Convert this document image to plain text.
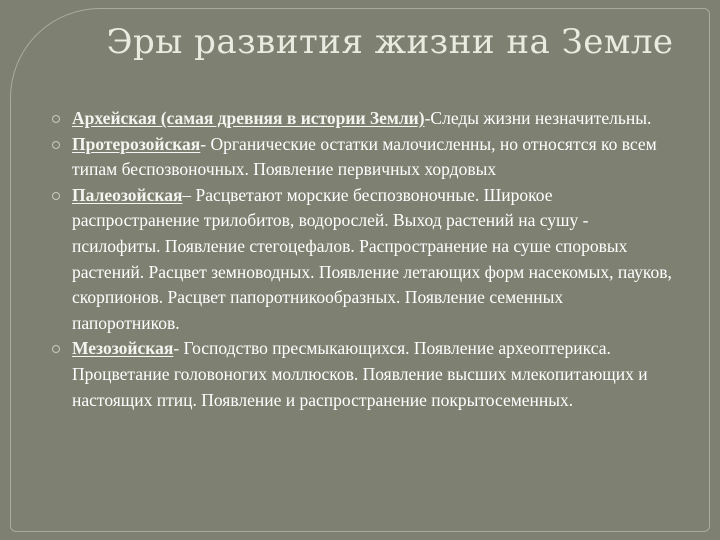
Эры развития жизни на Земле

Архейская (самая древняя в истории Земли)-Следы жизни незначительны.

Протерозойская- Органические остатки малочисленны, но относятся ко всем типам беспозвоночных. Появление первичных хордовых

Палеозойская– Расцветают морские беспозвоночные. Широкое распространение трилобитов, водорослей. Выход растений на сушу - псилофиты. Появление стегоцефалов. Распространение на суше споровых растений. Расцвет земноводных. Появление летающих форм насекомых, пауков, скорпионов. Расцвет папоротникообразных. Появление семенных папоротников.

Мезозойская- Господство пресмыкающихся. Появление археоптерикса. Процветание головоногих моллюсков. Появление высших млекопитающих и настоящих птиц. Появление и распространение покрытосеменных.
